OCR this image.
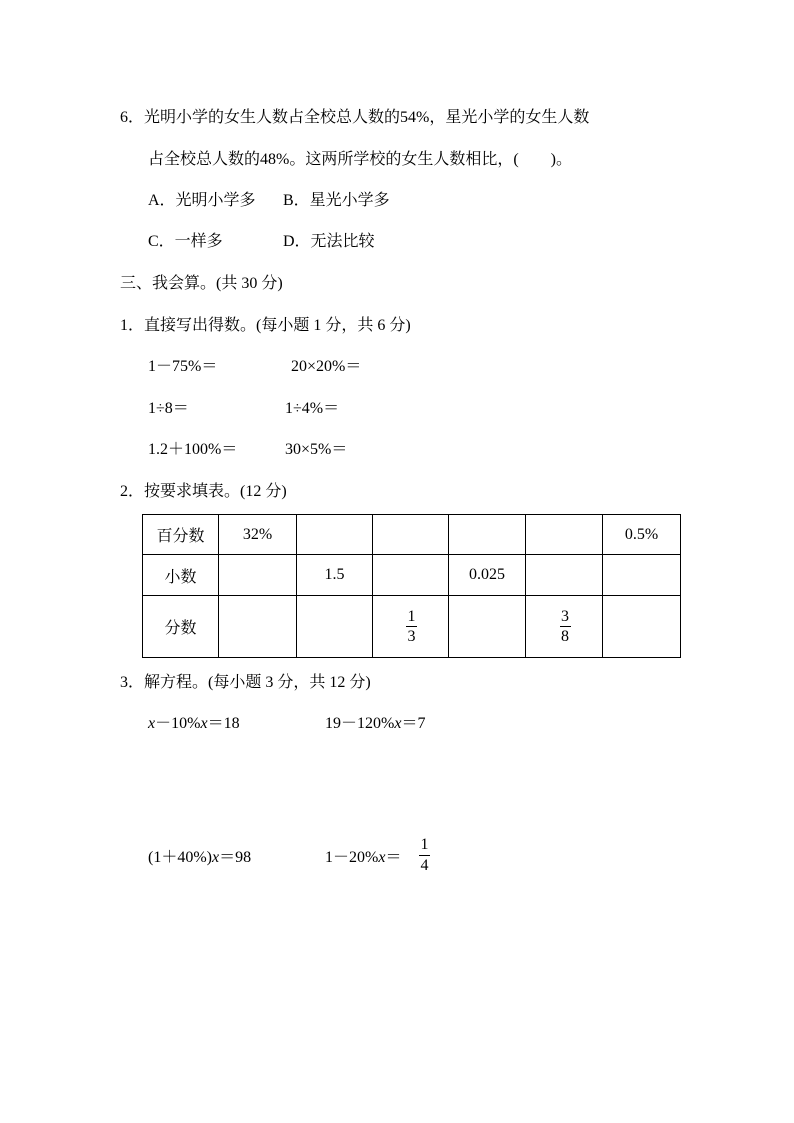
6．光明小学的女生人数占全校总人数的54%，星光小学的女生人数
占全校总人数的48%。这两所学校的女生人数相比，(　　)。
A．光明小学多 B．星光小学多
C．一样多	D．无法比较
三、我会算。(共 30 分)
1．直接写出得数。(每小题 1 分，共 6 分)
1－75%＝	20×20%＝
1÷8＝	1÷4%＝
1.2＋100%＝	30×5%＝
2．按要求填表。(12 分)
百分数	32%					0.5%
小数		1.5		0.025		
分数			$\frac{1}{3}$		$\frac{3}{8}$

3．解方程。(每小题 3 分，共 12 分)
x－10%x＝18	19－120%x＝7
(1＋40%)x＝98	1－20%x＝
1
4
